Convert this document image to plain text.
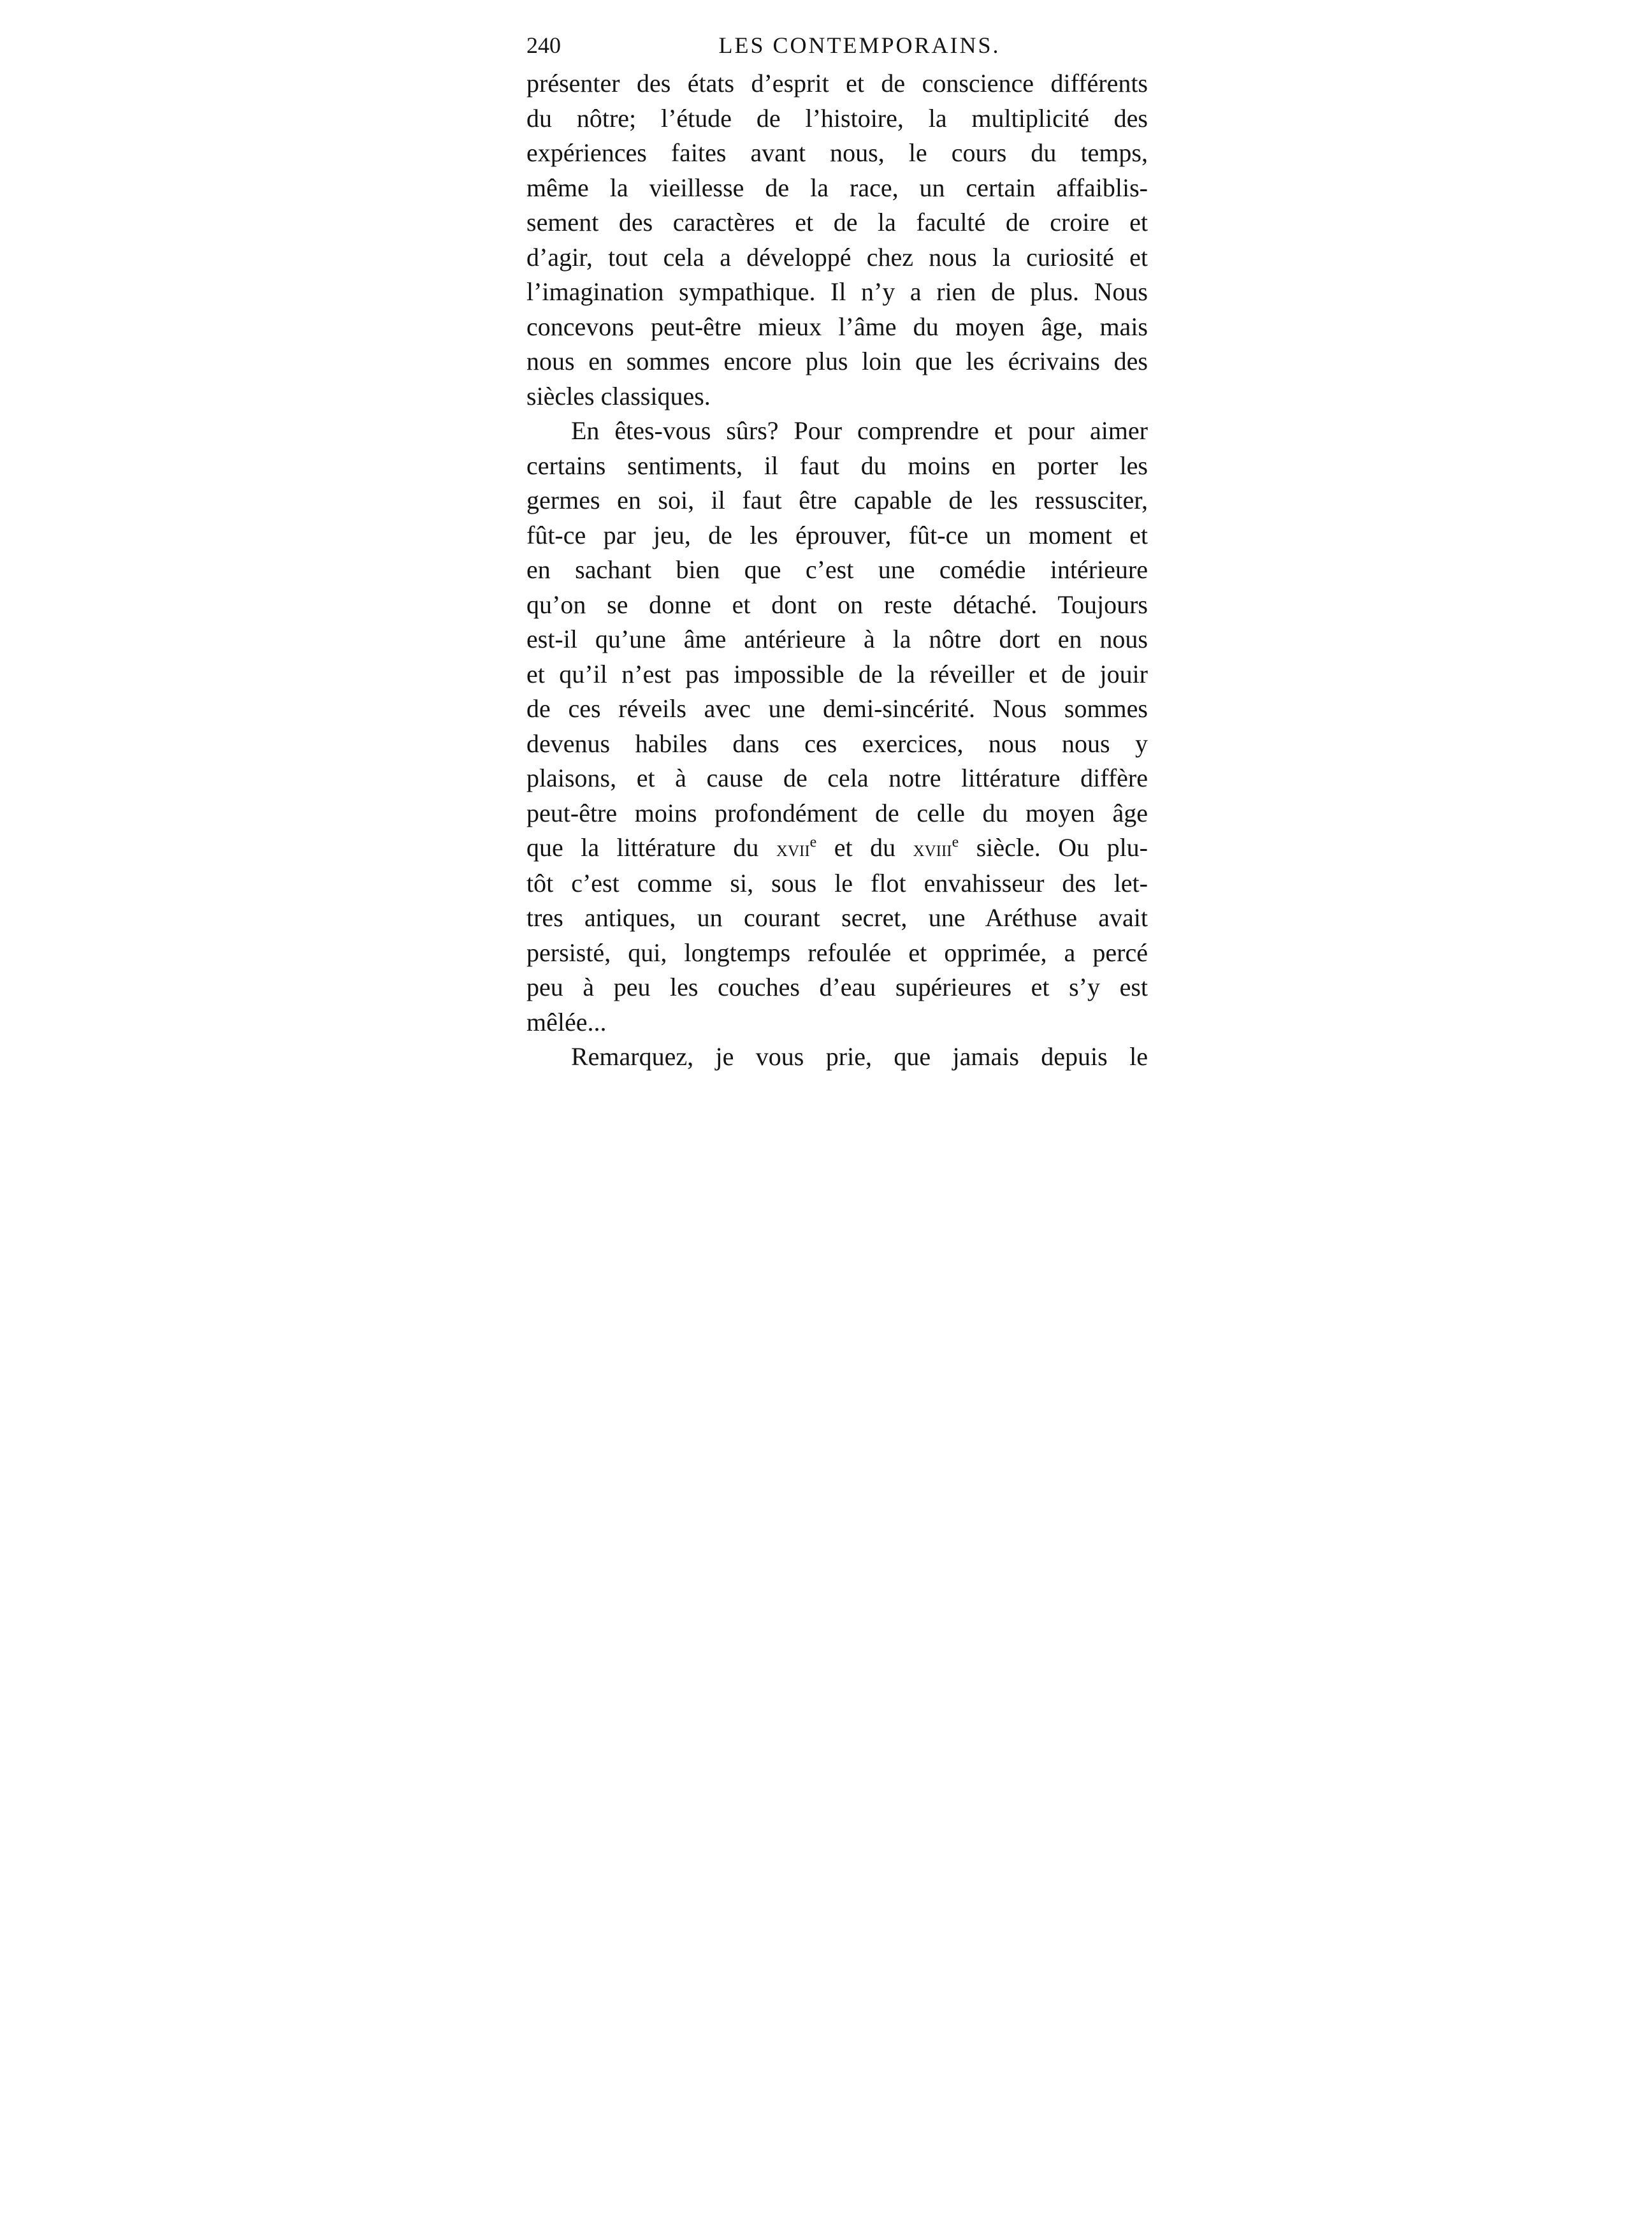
240	LES CONTEMPORAINS.

présenter des états d’esprit et de conscience différents
du nôtre; l’étude de l’histoire, la multiplicité des
expériences faites avant nous, le cours du temps,
même la vieillesse de la race, un certain affaiblis-
sement des caractères et de la faculté de croire et
d’agir, tout cela a développé chez nous la curiosité et
l’imagination sympathique. Il n’y a rien de plus. Nous
concevons peut-être mieux l’âme du moyen âge, mais
nous en sommes encore plus loin que les écrivains des
siècles classiques.

En êtes-vous sûrs? Pour comprendre et pour aimer
certains sentiments, il faut du moins en porter les
germes en soi, il faut être capable de les ressusciter,
fût-ce par jeu, de les éprouver, fût-ce un moment et
en sachant bien que c’est une comédie intérieure
qu’on se donne et dont on reste détaché. Toujours
est-il qu’une âme antérieure à la nôtre dort en nous
et qu’il n’est pas impossible de la réveiller et de jouir
de ces réveils avec une demi-sincérité. Nous sommes
devenus habiles dans ces exercices, nous nous y
plaisons, et à cause de cela notre littérature diffère
peut-être moins profondément de celle du moyen âge
que la littérature du xvii$^e$ et du xviii$^e$ siècle. Ou plu-
tôt c’est comme si, sous le flot envahisseur des let-
tres antiques, un courant secret, une Aréthuse avait
persisté, qui, longtemps refoulée et opprimée, a percé
peu à peu les couches d’eau supérieures et s’y est
mêlée...

Remarquez, je vous prie, que jamais depuis le
